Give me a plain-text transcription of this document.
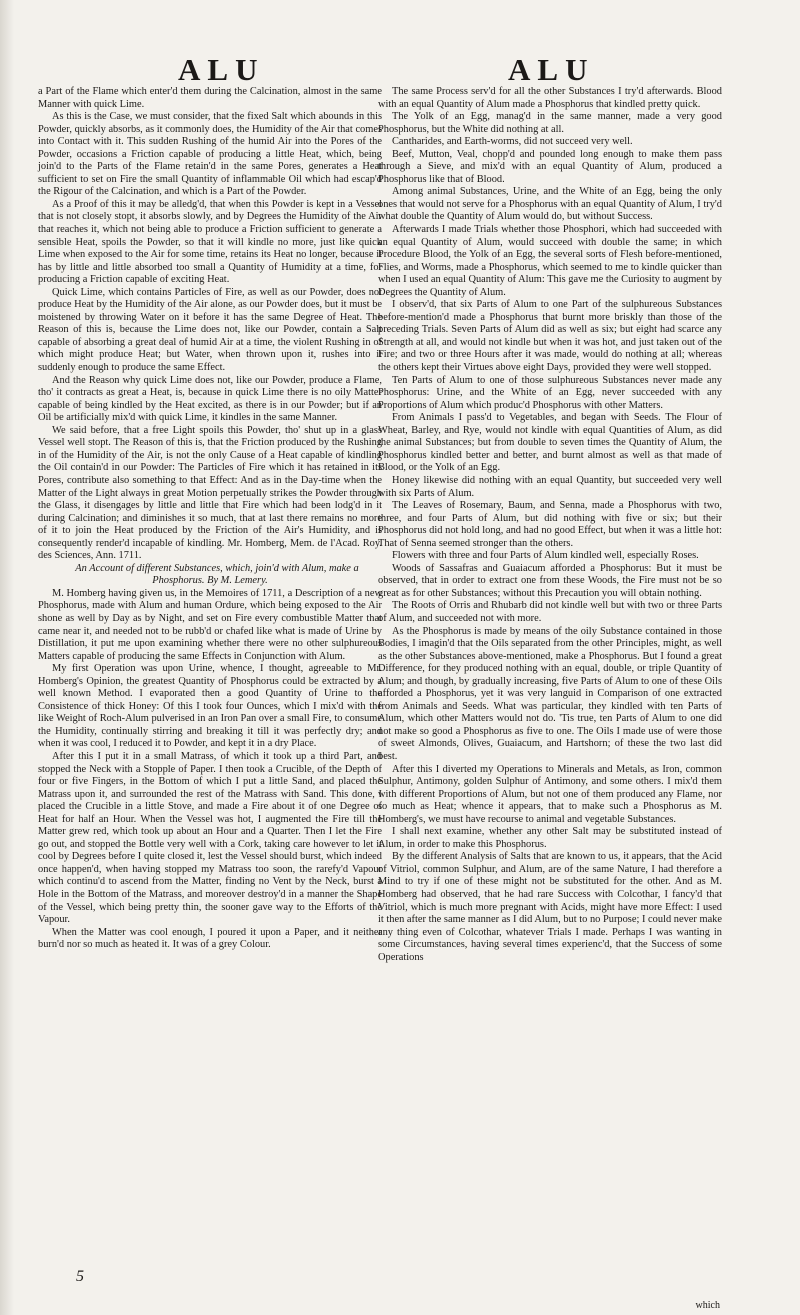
ALU	ALU

a Part of the Flame which enter'd them during the Calcination, almost in the same Manner with quick Lime.

As this is the Case, we must consider, that the fixed Salt which abounds in this Powder, quickly absorbs, as it commonly does, the Humidity of the Air that comes into Contact with it. This sudden Rushing of the humid Air into the Pores of the Powder, occasions a Friction capable of producing a little Heat, which, being join'd to the Parts of the Flame retain'd in the same Pores, generates a Heat sufficient to set on Fire the small Quantity of inflammable Oil which had escap'd the Rigour of the Calcination, and which is a Part of the Powder.

As a Proof of this it may be alledg'd, that when this Powder is kept in a Vessel that is not closely stopt, it absorbs slowly, and by Degrees the Humidity of the Air that reaches it, which not being able to produce a Friction sufficient to generate a sensible Heat, spoils the Powder, so that it will kindle no more, just like quick Lime when exposed to the Air for some time, retains its Heat no longer, because it has by little and little absorbed too small a Quantity of Humidity at a time, for producing a Friction capable of exciting Heat.

Quick Lime, which contains Particles of Fire, as well as our Powder, does not produce Heat by the Humidity of the Air alone, as our Powder does, but it must be moistened by throwing Water on it before it has the same Degree of Heat. The Reason of this is, because the Lime does not, like our Powder, contain a Salt capable of absorbing a great deal of humid Air at a time, the violent Rushing in of which might produce Heat; but Water, when thrown upon it, rushes into it suddenly enough to produce the same Effect.

And the Reason why quick Lime does not, like our Powder, produce a Flame, tho' it contracts as great a Heat, is, because in quick Lime there is no oily Matter capable of being kindled by the Heat excited, as there is in our Powder; but if an Oil be artificially mix'd with quick Lime, it kindles in the same Manner.

We said before, that a free Light spoils this Powder, tho' shut up in a glass Vessel well stopt. The Reason of this is, that the Friction produced by the Rushing in of the Humidity of the Air, is not the only Cause of a Heat capable of kindling the Oil contain'd in our Powder: The Particles of Fire which it has retained in its Pores, contribute also something to that Effect: And as in the Day-time when the Matter of the Light always in great Motion perpetually strikes the Powder through the Glass, it disengages by little and little that Fire which had been lodg'd in it during Calcination; and diminishes it so much, that at last there remains no more of it to join the Heat produced by the Friction of the Air's Humidity, and is consequently render'd incapable of kindling. Mr. Homberg, Mem. de l'Acad. Roy. des Sciences, Ann. 1711.

An Account of different Substances, which, join'd with Alum, make a Phosphorus. By M. Lemery.

M. Homberg having given us, in the Memoires of 1711, a Description of a new Phosphorus, made with Alum and human Ordure, which being exposed to the Air shone as well by Day as by Night, and set on Fire every combustible Matter that came near it, and needed not to be rubb'd or chafed like what is made of Urine by Distillation, it put me upon examining whether there were no other sulphureous Matters capable of producing the same Effects in Conjunction with Alum.

My first Operation was upon Urine, whence, I thought, agreeable to Mr. Homberg's Opinion, the greatest Quantity of Phosphorus could be extracted by a well known Method. I evaporated then a good Quantity of Urine to the Consistence of thick Honey: Of this I took four Ounces, which I mix'd with the like Weight of Roch-Alum pulverised in an Iron Pan over a small Fire, to consume the Humidity, continually stirring and breaking it till it was perfectly dry; and when it was cool, I reduced it to Powder, and kept it in a dry Place.

After this I put it in a small Matrass, of which it took up a third Part, and stopped the Neck with a Stopple of Paper. I then took a Crucible, of the Depth of four or five Fingers, in the Bottom of which I put a little Sand, and placed the Matrass upon it, and surrounded the rest of the Matrass with Sand. This done, I placed the Crucible in a little Stove, and made a Fire about it of one Degree of Heat for half an Hour. When the Vessel was hot, I augmented the Fire till the Matter grew red, which took up about an Hour and a Quarter. Then I let the Fire go out, and stopped the Bottle very well with a Cork, taking care however to let it cool by Degrees before I quite closed it, lest the Vessel should burst, which indeed once happen'd, when having stopped my Matrass too soon, the rarefy'd Vapour which continu'd to ascend from the Matter, finding no Vent by the Neck, burst a Hole in the Bottom of the Matrass, and moreover destroy'd in a manner the Shape of the Vessel, which being pretty thin, the sooner gave way to the Efforts of the Vapour.

When the Matter was cool enough, I poured it upon a Paper, and it neither burn'd nor so much as heated it. It was of a grey Colour.

The same Process serv'd for all the other Substances I try'd afterwards. Blood with an equal Quantity of Alum made a Phosphorus that kindled pretty quick.

The Yolk of an Egg, manag'd in the same manner, made a very good Phosphorus, but the White did nothing at all.

Cantharides, and Earth-worms, did not succeed very well.

Beef, Mutton, Veal, chopp'd and pounded long enough to make them pass through a Sieve, and mix'd with an equal Quantity of Alum, produced a Phosphorus like that of Blood.

Among animal Substances, Urine, and the White of an Egg, being the only ones that would not serve for a Phosphorus with an equal Quantity of Alum, I try'd what double the Quantity of Alum would do, but without Success.

Afterwards I made Trials whether those Phosphori, which had succeeded with an equal Quantity of Alum, would succeed with double the same; in which Procedure Blood, the Yolk of an Egg, the several sorts of Flesh before-mentioned, Flies, and Worms, made a Phosphorus, which seemed to me to kindle quicker than when I used an equal Quantity of Alum: This gave me the Curiosity to augment by Degrees the Quantity of Alum.

I observ'd, that six Parts of Alum to one Part of the sulphureous Substances before-mention'd made a Phosphorus that burnt more briskly than those of the preceding Trials. Seven Parts of Alum did as well as six; but eight had scarce any Strength at all, and would not kindle but when it was hot, and just taken out of the Fire; and two or three Hours after it was made, would do nothing at all; whereas the others kept their Virtues above eight Days, provided they were well stopped.

Ten Parts of Alum to one of those sulphureous Substances never made any Phosphorus: Urine, and the White of an Egg, never succeeded with any Proportions of Alum which produc'd Phosphorus with other Matters.

From Animals I pass'd to Vegetables, and began with Seeds. The Flour of Wheat, Barley, and Rye, would not kindle with equal Quantities of Alum, as did the animal Substances; but from double to seven times the Quantity of Alum, the Phosphorus kindled better and better, and burnt almost as well as that made of Blood, or the Yolk of an Egg.

Honey likewise did nothing with an equal Quantity, but succeeded very well with six Parts of Alum.

The Leaves of Rosemary, Baum, and Senna, made a Phosphorus with two, three, and four Parts of Alum, but did nothing with five or six; but their Phosphorus did not hold long, and had no good Effect, but when it was a little hot: That of Senna seemed stronger than the others.

Flowers with three and four Parts of Alum kindled well, especially Roses.

Woods of Sassafras and Guaiacum afforded a Phosphorus: But it must be observed, that in order to extract one from these Woods, the Fire must not be so great as for other Substances; without this Precaution you will obtain nothing.

The Roots of Orris and Rhubarb did not kindle well but with two or three Parts of Alum, and succeeded not with more.

As the Phosphorus is made by means of the oily Substance contained in those Bodies, I imagin'd that the Oils separated from the other Principles, might, as well as the other Substances above-mentioned, make a Phosphorus. But I found a great Difference, for they produced nothing with an equal, double, or triple Quantity of Alum; and though, by gradually increasing, five Parts of Alum to one of these Oils afforded a Phosphorus, yet it was very languid in Comparison of one extracted from Animals and Seeds. What was particular, they kindled with ten Parts of Alum, which other Matters would not do. 'Tis true, ten Parts of Alum to one did not make so good a Phosphorus as five to one. The Oils I made use of were those of sweet Almonds, Olives, Guaiacum, and Hartshorn; of these the two last did best.

After this I diverted my Operations to Minerals and Metals, as Iron, common Sulphur, Antimony, golden Sulphur of Antimony, and some others. I mix'd them with different Proportions of Alum, but not one of them produced any Flame, nor so much as Heat; whence it appears, that to make such a Phosphorus as M. Homberg's, we must have recourse to animal and vegetable Substances.

I shall next examine, whether any other Salt may be substituted instead of Alum, in order to make this Phosphorus.

By the different Analysis of Salts that are known to us, it appears, that the Acid of Vitriol, common Sulphur, and Alum, are of the same Nature, I had therefore a Mind to try if one of these might not be substituted for the other. And as M. Homberg had observed, that he had rare Success with Colcothar, I fancy'd that Vitriol, which is much more pregnant with Acids, might have more Effect: I used it then after the same manner as I did Alum, but to no Purpose; I could never make any thing even of Colcothar, whatever Trials I made. Perhaps I was wanting in some Circumstances, having several times experienc'd, that the Success of some Operations

5
which
